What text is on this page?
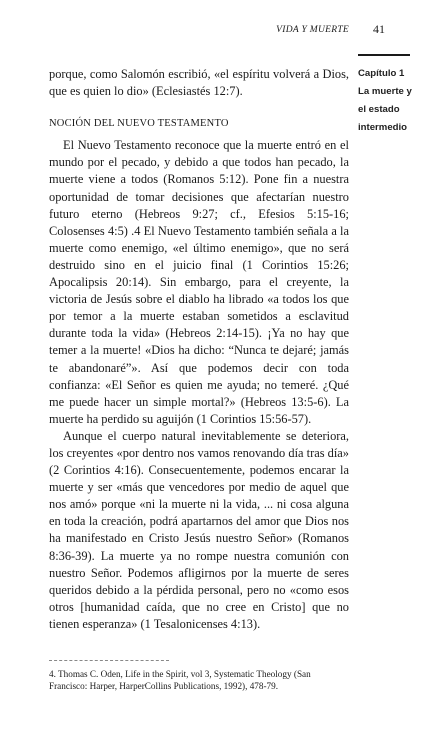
VIDA Y MUERTE 41
Capítulo 1
La muerte y
el estado
intermedio

porque, como Salomón escribió, «el espíritu volverá a Dios, que es quien lo dio» (Eclesiastés 12:7).

NOCIÓN DEL NUEVO TESTAMENTO

El Nuevo Testamento reconoce que la muerte entró en el mundo por el pecado, y debido a que todos han pecado, la muerte viene a todos (Romanos 5:12). Pone fin a nuestra oportunidad de tomar decisiones que afectarían nuestro futuro eterno (Hebreos 9:27; cf., Efesios 5:15-16; Colosenses 4:5) .4 El Nuevo Testamento también señala a la muerte como enemigo, «el último enemigo», que no será destruido sino en el juicio final (1 Corintios 15:26; Apocalipsis 20:14). Sin embargo, para el creyente, la victoria de Jesús sobre el diablo ha librado «a todos los que por temor a la muerte estaban sometidos a esclavitud durante toda la vida» (Hebreos 2:14-15). ¡Ya no hay que temer a la muerte! «Dios ha dicho: “Nunca te dejaré; jamás te abandonaré”». Así que podemos decir con toda confianza: «El Señor es quien me ayuda; no temeré. ¿Qué me puede hacer un simple mortal?» (Hebreos 13:5-6). La muerte ha perdido su aguijón (1 Corintios 15:56-57).

Aunque el cuerpo natural inevitablemente se deteriora, los creyentes «por dentro nos vamos renovando día tras día» (2 Corintios 4:16). Consecuentemente, podemos encarar la muerte y ser «más que vencedores por medio de aquel que nos amó» porque «ni la muerte ni la vida, ... ni cosa alguna en toda la creación, podrá apartarnos del amor que Dios nos ha manifestado en Cristo Jesús nuestro Señor» (Romanos 8:36-39). La muerte ya no rompe nuestra comunión con nuestro Señor. Podemos afligirnos por la muerte de seres queridos debido a la pérdida personal, pero no «como esos otros [humanidad caída, que no cree en Cristo] que no tienen esperanza» (1 Tesalonicenses 4:13).

4. Thomas C. Oden, Life in the Spirit, vol 3, Systematic Theology (San Francisco: Harper, HarperCollins Publications, 1992), 478-79.
